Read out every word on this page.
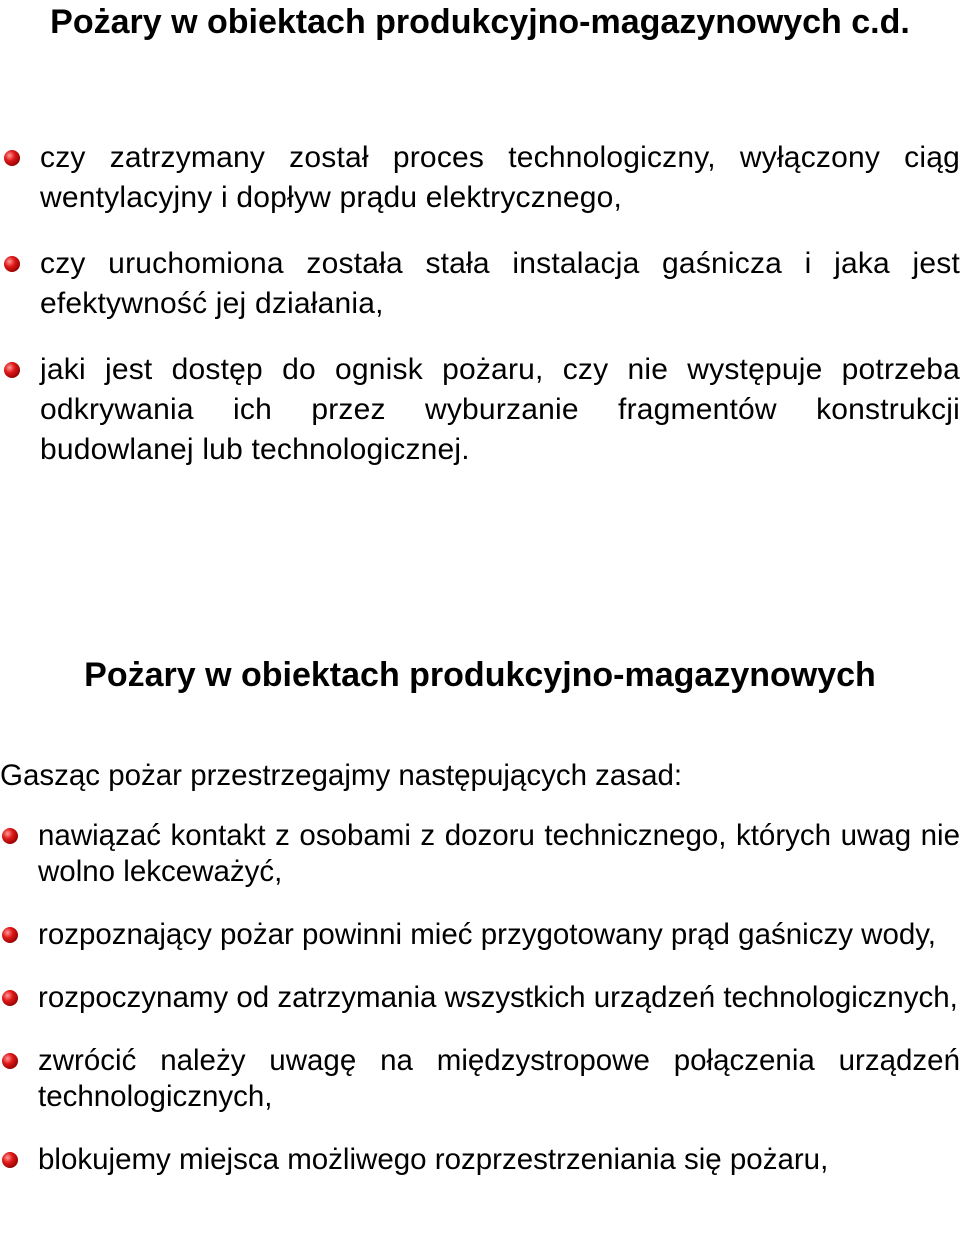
Pożary w obiektach produkcyjno-magazynowych c.d.
czy zatrzymany został proces technologiczny, wyłączony ciąg wentylacyjny i dopływ prądu elektrycznego,
czy uruchomiona została stała instalacja gaśnicza i jaka jest efektywność jej działania,
jaki jest dostęp do ognisk pożaru, czy nie występuje potrzeba odkrywania ich przez wyburzanie fragmentów konstrukcji budowlanej lub technologicznej.
Pożary w obiektach produkcyjno-magazynowych

Gasząc pożar przestrzegajmy następujących zasad:

nawiązać kontakt z osobami z dozoru technicznego, których uwag nie wolno lekceważyć,
rozpoznający pożar powinni mieć przygotowany prąd gaśniczy wody,
rozpoczynamy od zatrzymania wszystkich urządzeń technologicznych,
zwrócić należy uwagę na międzystropowe połączenia urządzeń technologicznych,
blokujemy miejsca możliwego rozprzestrzeniania się pożaru,
